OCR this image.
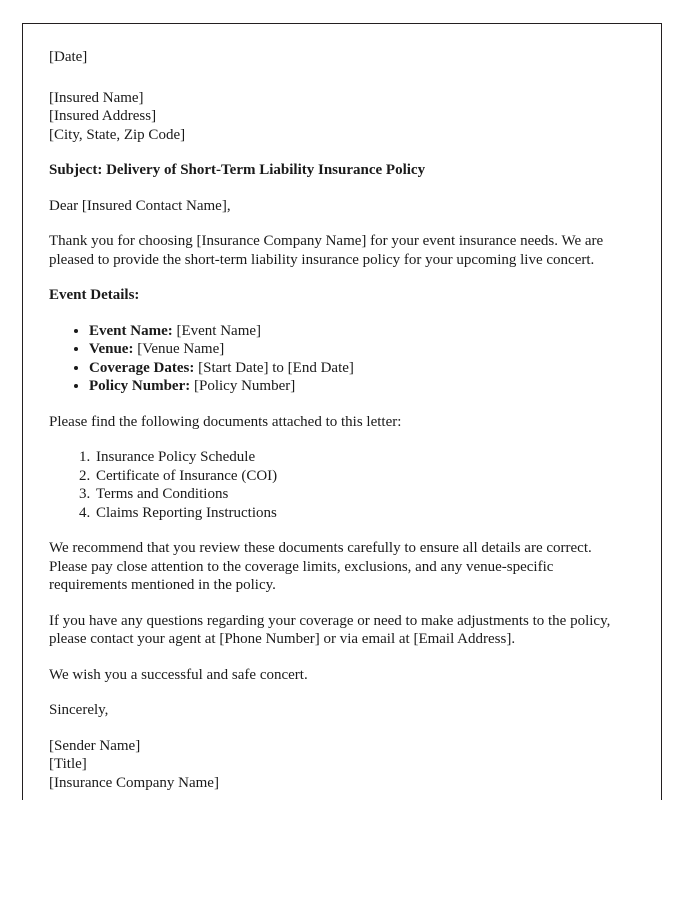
[Date]
[Insured Name]
[Insured Address]
[City, State, Zip Code]
Subject: Delivery of Short-Term Liability Insurance Policy
Dear [Insured Contact Name],
Thank you for choosing [Insurance Company Name] for your event insurance needs. We are pleased to provide the short-term liability insurance policy for your upcoming live concert.
Event Details:
• Event Name: [Event Name]
• Venue: [Venue Name]
• Coverage Dates: [Start Date] to [End Date]
• Policy Number: [Policy Number]
Please find the following documents attached to this letter:
1. Insurance Policy Schedule
2. Certificate of Insurance (COI)
3. Terms and Conditions
4. Claims Reporting Instructions
We recommend that you review these documents carefully to ensure all details are correct. Please pay close attention to the coverage limits, exclusions, and any venue-specific requirements mentioned in the policy.
If you have any questions regarding your coverage or need to make adjustments to the policy, please contact your agent at [Phone Number] or via email at [Email Address].
We wish you a successful and safe concert.
Sincerely,
[Sender Name]
[Title]
[Insurance Company Name]
